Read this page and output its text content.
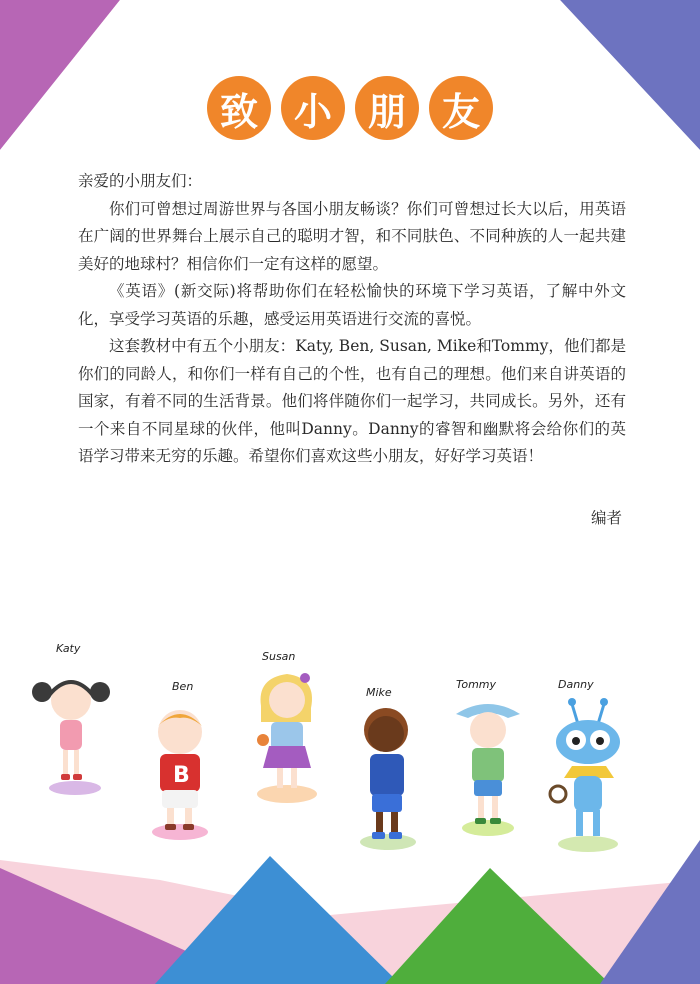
致 小 朋 友

亲爱的小朋友们：

你们可曾想过周游世界与各国小朋友畅谈？你们可曾想过长大以后，用英语在广阔的世界舞台上展示自己的聪明才智，和不同肤色、不同种族的人一起共建美好的地球村？相信你们一定有这样的愿望。

《英语》(新交际)将帮助你们在轻松愉快的环境下学习英语，了解中外文化，享受学习英语的乐趣，感受运用英语进行交流的喜悦。

这套教材中有五个小朋友：Katy, Ben, Susan, Mike和Tommy，他们都是你们的同龄人，和你们一样有自己的个性，也有自己的理想。他们来自讲英语的国家，有着不同的生活背景。他们将伴随你们一起学习，共同成长。另外，还有一个来自不同星球的伙伴，他叫Danny。Danny的睿智和幽默将会给你们的英语学习带来无穷的乐趣。希望你们喜欢这些小朋友，好好学习英语！

编者

Katy
Ben
B
Susan
Mike
Tommy	Danny
